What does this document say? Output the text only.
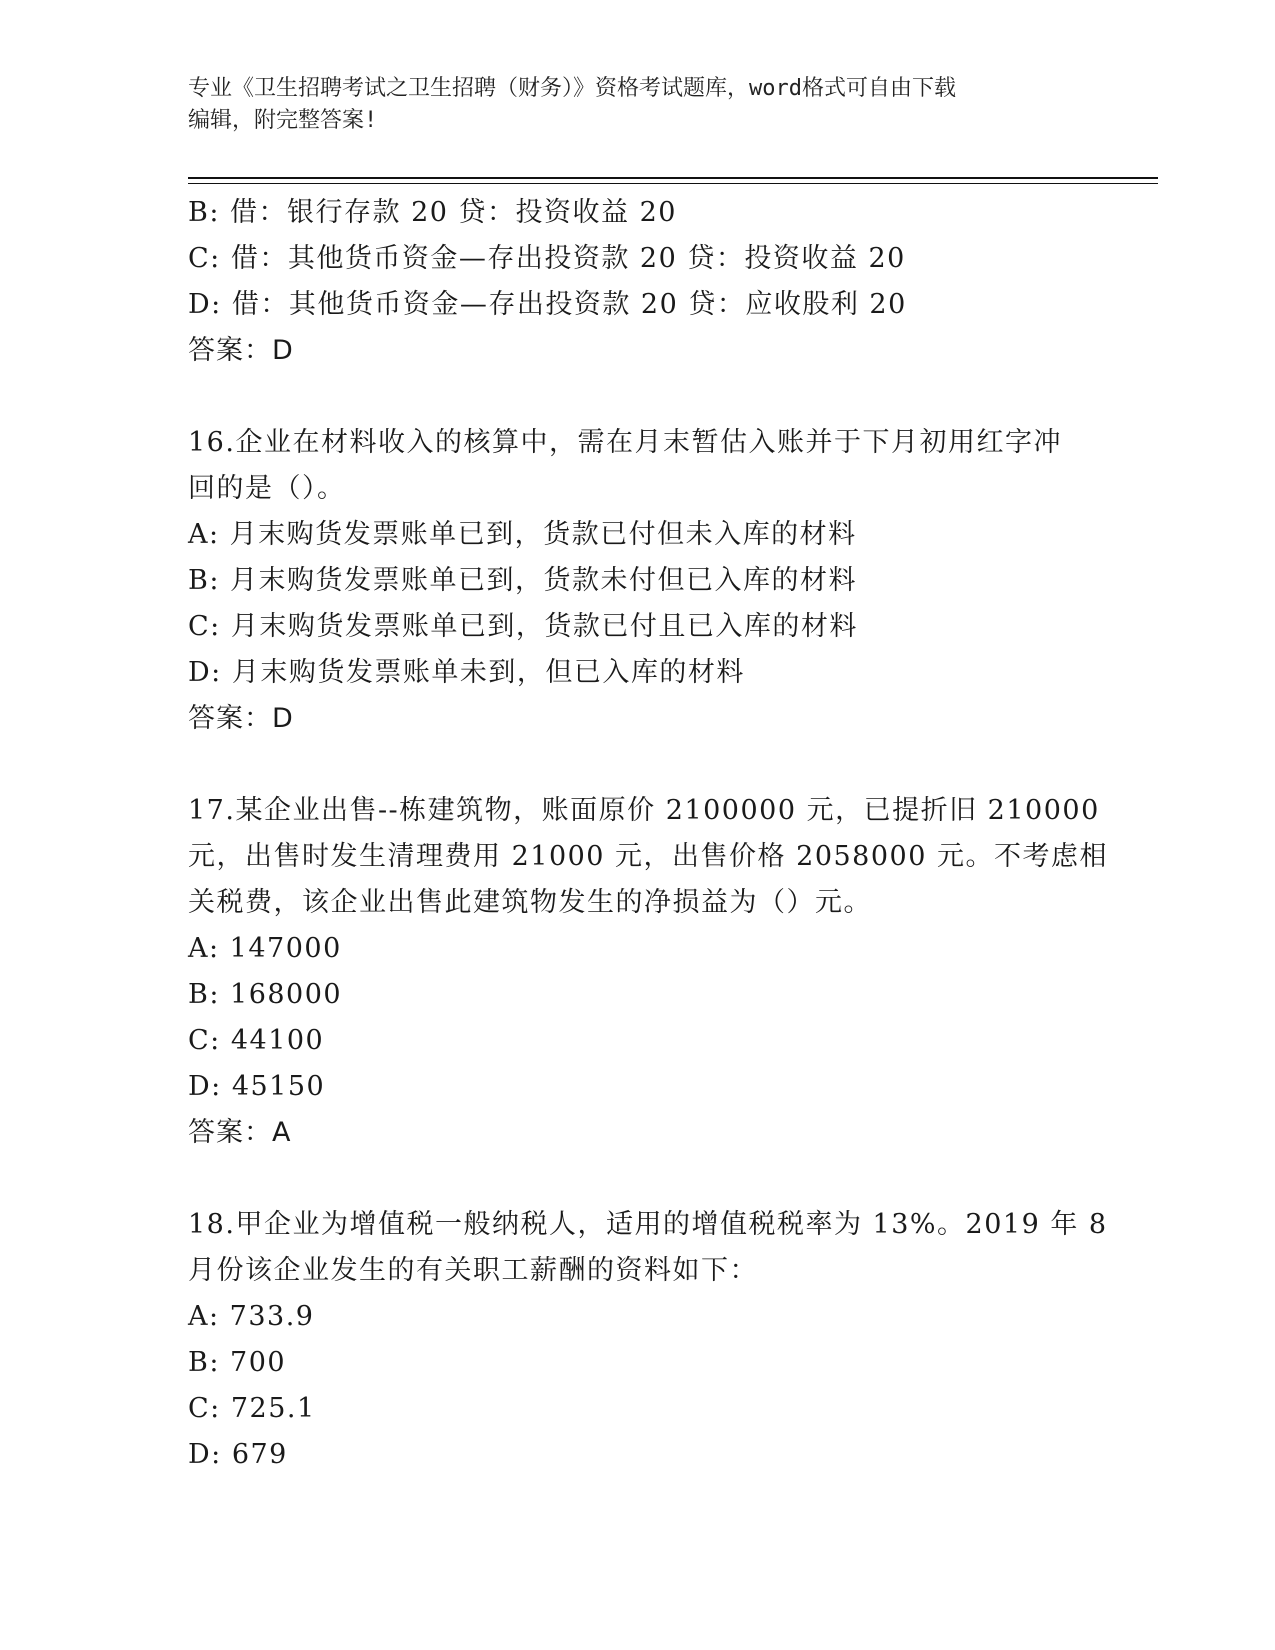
专业《卫生招聘考试之卫生招聘（财务）》资格考试题库，word格式可自由下载
编辑，附完整答案!
B: 借：银行存款 20 贷：投资收益 20
C: 借：其他货币资金—存出投资款 20 贷：投资收益 20
D: 借：其他货币资金—存出投资款 20 贷：应收股利 20
答案：D
16.企业在材料收入的核算中，需在月末暂估入账并于下月初用红字冲
回的是（）。
A: 月末购货发票账单已到，货款已付但未入库的材料
B: 月末购货发票账单已到，货款未付但已入库的材料
C: 月末购货发票账单已到，货款已付且已入库的材料
D: 月末购货发票账单未到，但已入库的材料
答案：D
17.某企业出售--栋建筑物，账面原价 2100000 元，已提折旧 210000
元，出售时发生清理费用 21000 元，出售价格 2058000 元。不考虑相
关税费，该企业出售此建筑物发生的净损益为（）元。
A: 147000
B: 168000
C: 44100
D: 45150
答案：A
18.甲企业为增值税一般纳税人，适用的增值税税率为 13%。2019 年 8
月份该企业发生的有关职工薪酬的资料如下：
A: 733.9
B: 700
C: 725.1
D: 679
